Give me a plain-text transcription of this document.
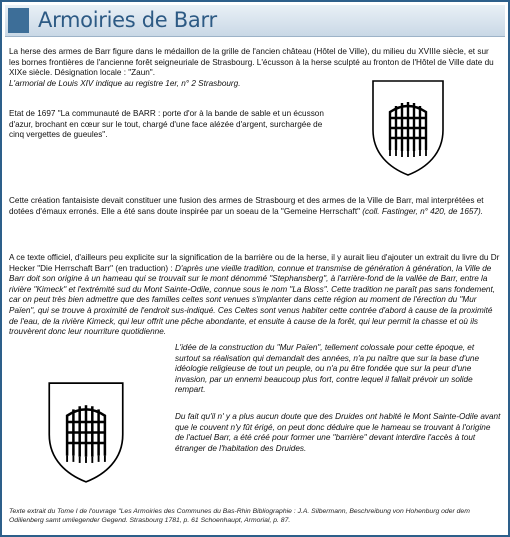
Armoiries de Barr
La herse des armes de Barr figure dans le médaillon de la grille de l'ancien château (Hôtel de Ville), du milieu du XVIIIe siècle, et sur les bornes frontières de l'ancienne forêt seigneuriale de Strasbourg. L'écusson à la herse sculpté au fronton de l'Hôtel de Ville date du XIXe siècle. Désignation locale : "Zaun".
L'armorial de Louis XIV indique au registre 1er, n° 2 Strasbourg.
Etat de 1697 "La communauté de BARR : porte d'or à la bande de sable et un écusson d'azur, brochant en cœur sur le tout, chargé d'une face alézée d'argent, surchargée de cinq vergettes de gueules".
Cette création fantaisiste devait constituer une fusion des armes de Strasbourg et des armes de la Ville de Barr, mal interprétées et dotées d'émaux erronés. Elle a été sans doute inspirée par un soeau de la "Gemeine Herrschaft" (coll. Fastinger, n° 420, de 1657).
A ce texte officiel, d'ailleurs peu explicite sur la signification de la barrière ou de la herse, il y aurait lieu d'ajouter un extrait du livre du Dr Hecker "Die Herrschaft Barr" (en traduction) : D'après une vieille tradition, connue et transmise de génération à génération, la Ville de Barr doit son origine à un hameau qui se trouvait sur le mont dénommé "Stephansberg", à l'arrière-fond de la vallée de Barr, entre la rivière "Kimeck" et l'extrémité sud du Mont Sainte-Odile, connue sous le nom "La Bloss". Cette tradition ne paraît pas sans fondement, car on peut très bien admettre que des familles celtes sont venues s'implanter dans cette région au moment de l'érection du "Mur Païen", qui se trouve à proximité de l'endroit sus-indiqué. Ces Celtes sont venus habiter cette contrée d'abord à cause de la proximité de l'eau, de la rivière Kimeck, qui leur offrit une pêche abondante, et ensuite à cause de la forêt, qui leur permit la chasse et où ils trouvèrent donc leur nourriture quotidienne.
L'idée de la construction du "Mur Païen", tellement colossale pour cette époque, et surtout sa réalisation qui demandait des années, n'a pu naître que sur la base d'une idéologie religieuse de tout un peuple, ou n'a pu être fondée que sur la peur d'une invasion, par un ennemi beaucoup plus fort, contre lequel il fallait prévoir un solide rempart.
Du fait qu'il n' y a plus aucun doute que des Druides ont habité le Mont Sainte-Odile avant que le couvent n'y fût érigé, on peut donc déduire que le hameau se trouvant à l'origine de l'actuel Barr, a été créé pour former une "barrière" devant interdire l'accès à tout étranger de l'habitation des Druides.
Texte extrait du Tome I de l'ouvrage "Les Armoiries des Communes du Bas-Rhin Bibliographie : J.A. Silbermann, Beschreibung von Hohenburg oder dem Odilienberg samt umliegender Gegend. Strasbourg 1781, p. 61 Schoenhaupt, Armorial, p. 87.
